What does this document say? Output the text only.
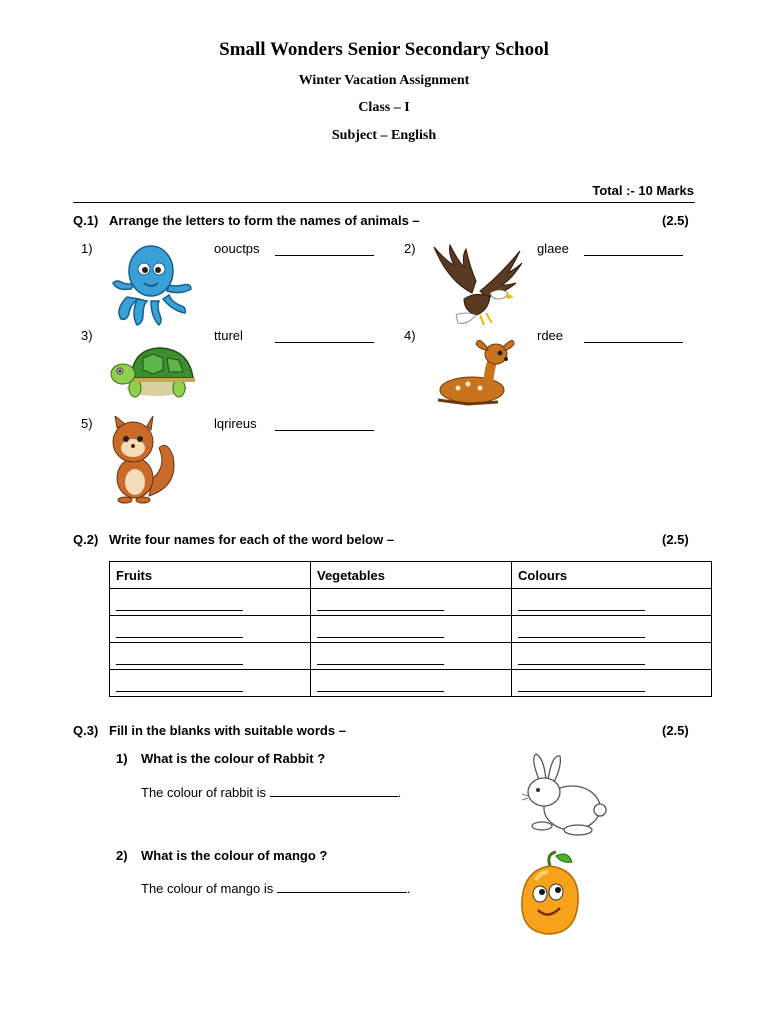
Small Wonders Senior Secondary School
Winter Vacation Assignment
Class – I
Subject – English
Total :- 10 Marks
Q.1) Arrange the letters to form the names of animals –	(2.5)
1)	oouctps	2)	glaee
3)	tturel	4)	rdee
5)	lqrireus
Q.2) Write four names for each of the word below –	(2.5)
Fruits	Vegetables	Colours

Q.3) Fill in the blanks with suitable words –	(2.5)
1) What is the colour of Rabbit ?
The colour of rabbit is	.
2) What is the colour of mango ?
The colour of mango is	.
